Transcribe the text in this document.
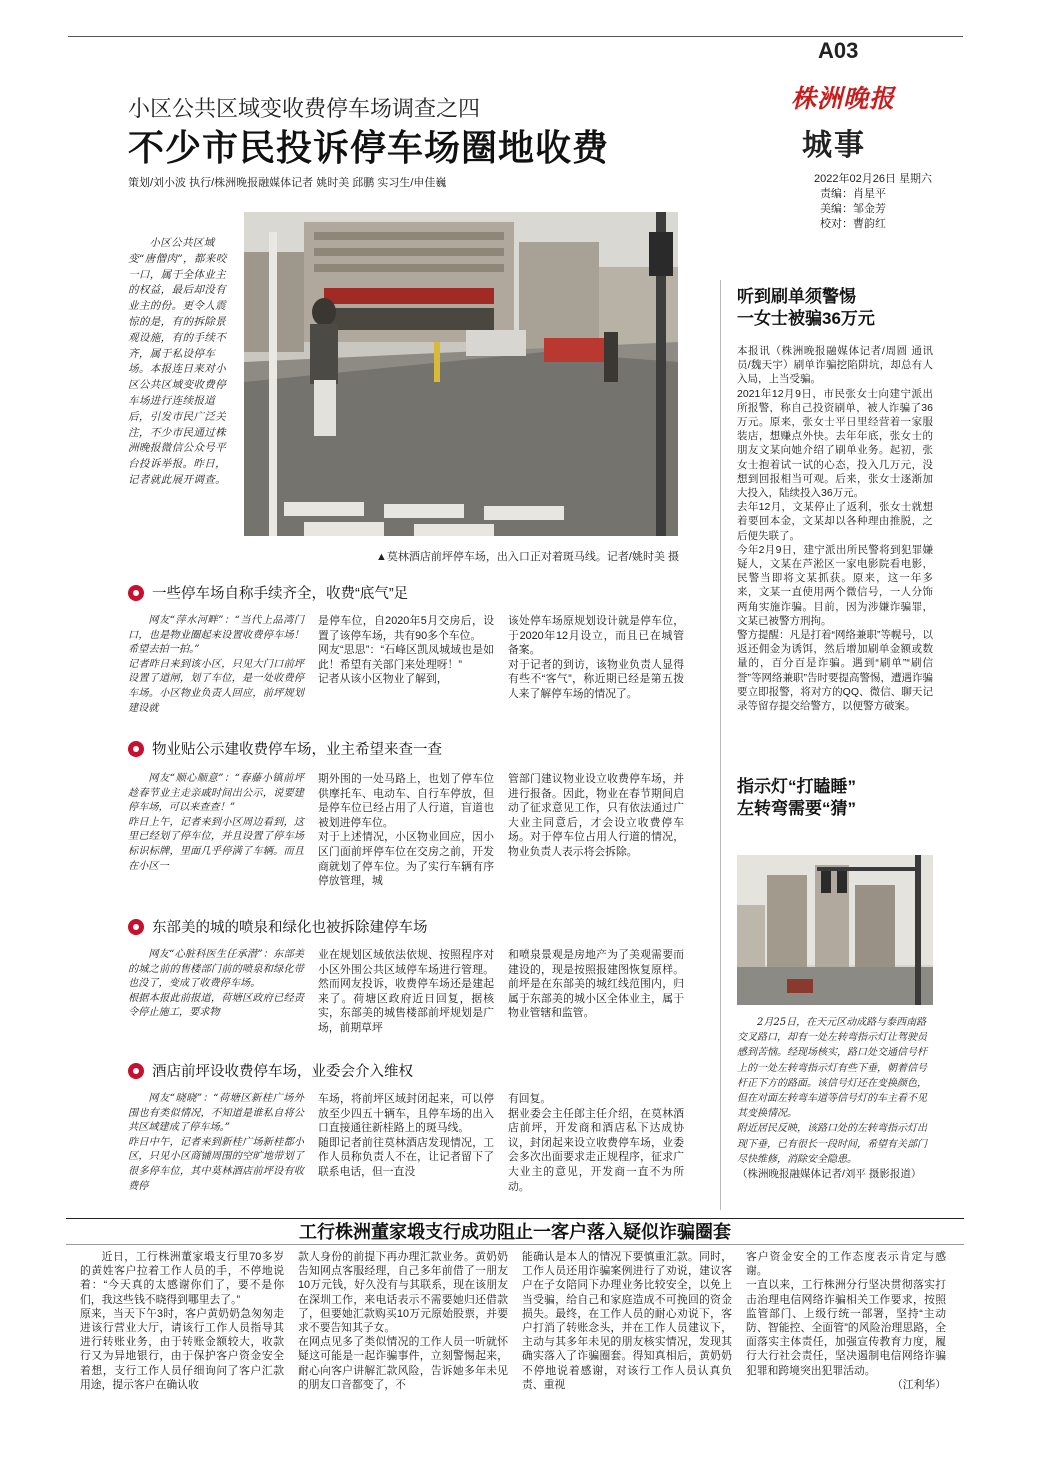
A03
株洲晚报
城事
2022年02月26日 星期六
责编：肖星平
美编：邹金芳
校对：曹韵红
小区公共区域变收费停车场调查之四
不少市民投诉停车场圈地收费
策划/刘小波 执行/株洲晚报融媒体记者 姚时美 邱鹏 实习生/申佳巍

小区公共区域变“唐僧肉”，都来咬一口，属于全体业主的权益，最后却没有业主的份。更令人震惊的是，有的拆除景观设施，有的手续不齐，属于私设停车场。本报连日来对小区公共区域变收费停车场进行连续报道后，引发市民广泛关注，不少市民通过株洲晚报微信公众号平台投诉举报。昨日，记者就此展开调查。

▲莫林酒店前坪停车场，出入口正对着斑马线。记者/姚时美 摄
一些停车场自称手续齐全，收费“底气”足

网友“萍水河畔”：“当代上品湾门口，也是物业圈起来设置收费停车场！希望去拍一拍。”
记者昨日来到该小区，只见大门口前坪设置了道闸，划了车位，是一处收费停车场。小区物业负责人回应，前坪规划建设就

是停车位，自2020年5月交房后，设置了该停车场，共有90多个车位。
网友“思思”：“石峰区凯凤城域也是如此！希望有关部门来处理呀！”
记者从该小区物业了解到，

该处停车场原规划设计就是停车位，于2020年12月设立，而且已在城管备案。
对于记者的到访，该物业负责人显得有些不“客气”，称近期已经是第五拨人来了解停车场的情况了。

物业贴公示建收费停车场，业主希望来查一查

网友“顺心顺意”：“春藤小镇前坪趁春节业主走亲戚时间出公示，说要建停车场，可以来查查！”
昨日上午，记者来到小区周边看到，这里已经划了停车位，并且设置了停车场标识标牌，里面几乎停满了车辆。而且在小区一

期外围的一处马路上，也划了停车位供摩托车、电动车、自行车停放，但是停车位已经占用了人行道，盲道也被划进停车位。
对于上述情况，小区物业回应，因小区门面前坪停车位在交房之前，开发商就划了停车位。为了实行车辆有序停放管理，城

管部门建议物业设立收费停车场，并进行报备。因此，物业在春节期间启动了征求意见工作，只有依法通过广大业主同意后，才会设立收费停车场。对于停车位占用人行道的情况，物业负责人表示将会拆除。

东部美的城的喷泉和绿化也被拆除建停车场

网友“心脏科医生任承潜”：东部美的城之前的售楼部门前的喷泉和绿化带也没了，变成了收费停车场。
根据本报此前报道，荷塘区政府已经责令停止施工，要求物

业在规划区域依法依规、按照程序对小区外围公共区域停车场进行管理。然而网友投诉，收费停车场还是建起来了。荷塘区政府近日回复，据核实，东部美的城售楼部前坪规划是广场，前期草坪

和喷泉景观是房地产为了美观需要而建设的，现是按照报建图恢复原样。前坪是在东部美的城红线范围内，归属于东部美的城小区全体业主，属于物业管辖和监管。

酒店前坪设收费停车场，业委会介入维权

网友“晓晓”：“荷塘区新桂广场外围也有类似情况，不知道是谁私自将公共区域建成了停车场。”
昨日中午，记者来到新桂广场新桂都小区，只见小区商铺周围的空旷地带划了很多停车位，其中莫林酒店前坪设有收费停

车场，将前坪区域封闭起来，可以停放至少四五十辆车，且停车场的出入口直接通往新桂路上的斑马线。
随即记者前往莫林酒店发现情况，工作人员称负责人不在，让记者留下了联系电话，但一直没

有回复。
据业委会主任郎主任介绍，在莫林酒店前坪，开发商和酒店私下达成协议，封闭起来设立收费停车场，业委会多次出面要求走正规程序，征求广大业主的意见，开发商一直不为所动。

听到刷单须警惕
一女士被骗36万元

本报讯（株洲晚报融媒体记者/周圆 通讯员/魏天宇）刷单诈骗挖陷阱坑，却总有人入局，上当受骗。
2021年12月9日，市民张女士向建宁派出所报警，称自己投资刷单，被人诈骗了36万元。原来，张女士平日里经营着一家服装店，想赚点外快。去年年底，张女士的朋友文某向她介绍了刷单业务。起初，张女士抱着试一试的心态，投入几万元，没想到回报相当可观。后来，张女士逐渐加大投入，陆续投入36万元。
去年12月，文某停止了返利，张女士就想着要回本金，文某却以各种理由推脱，之后便失联了。
今年2月9日，建宁派出所民警将到犯罪嫌疑人，文某在芦淞区一家电影院看电影，民警当即将文某抓获。原来，这一年多来，文某一直使用两个微信号，一人分饰两角实施诈骗。目前，因为涉嫌诈骗罪，文某已被警方刑拘。
警方提醒：凡是打着“网络兼职”等幌号，以返还佣金为诱饵，然后增加刷单金额或数量的，百分百是诈骗。遇到“刷单”“刷信誉”等网络兼职”告时要提高警惕，遭遇诈骗要立即报警，将对方的QQ、微信、聊天记录等留存提交给警方，以便警方破案。

指示灯“打瞌睡”
左转弯需要“猜”

2月25日，在天元区动成路与泰西南路交叉路口，却有一处左转弯指示灯让驾驶员感到苦恼。经现场核实，路口处交通信号杆上的一处左转弯指示灯有些下垂，朝着信号杆正下方的路面。该信号灯还在变换颜色，但在对面左转弯车道等信号灯的车主看不见其变换情况。
附近居民反映，该路口处的左转弯指示灯出现下垂，已有很长一段时间，希望有关部门尽快维修，消除安全隐患。

（株洲晚报融媒体记者/刘平 摄影报道）

工行株洲董家塅支行成功阻止一客户落入疑似诈骗圈套

近日，工行株洲董家塅支行里70多岁的黄姓客户拉着工作人员的手，不停地说着：“今天真的太感谢你们了，要不是你们，我这些钱不晓得到哪里去了。”
原来，当天下午3时，客户黄奶奶急匆匆走进该行营业大厅，请该行工作人员指导其进行转账业务，由于转账金额较大，收款行又为异地银行，由于保护客户资金安全着想，支行工作人员仔细询问了客户汇款用途，提示客户在确认收

款人身份的前提下再办理汇款业务。黄奶奶告知网点客服经理，自己多年前借了一朋友10万元钱，好久没有与其联系，现在该朋友在深圳工作，来电话表示不需要她归还借款了，但要她汇款购买10万元原始股票，并要求不要告知其子女。
在网点见多了类似情况的工作人员一听就怀疑这可能是一起诈骗事件，立刻警惕起来，耐心向客户讲解汇款风险，告诉她多年未见的朋友口音都变了，不

能确认是本人的情况下要慎重汇款。同时，工作人员还用诈骗案例进行了劝说，建议客户在子女陪同下办理业务比较安全，以免上当受骗，给自己和家庭造成不可挽回的资金损失。最终，在工作人员的耐心劝说下，客户打消了转账念头，并在工作人员建议下，主动与其多年未见的朋友核实情况，发现其确实落入了诈骗圈套。得知真相后，黄奶奶不停地说着感谢，对该行工作人员认真负责、重视

客户资金安全的工作态度表示肯定与感谢。
一直以来，工行株洲分行坚决贯彻落实打击治理电信网络诈骗相关工作要求，按照监管部门、上级行统一部署，坚持“主动防、智能控、全面管”的风险治理思路，全面落实主体责任，加强宣传教育力度，履行大行社会责任，坚决遏制电信网络诈骗犯罪和跨境突出犯罪活动。

（江利华）
